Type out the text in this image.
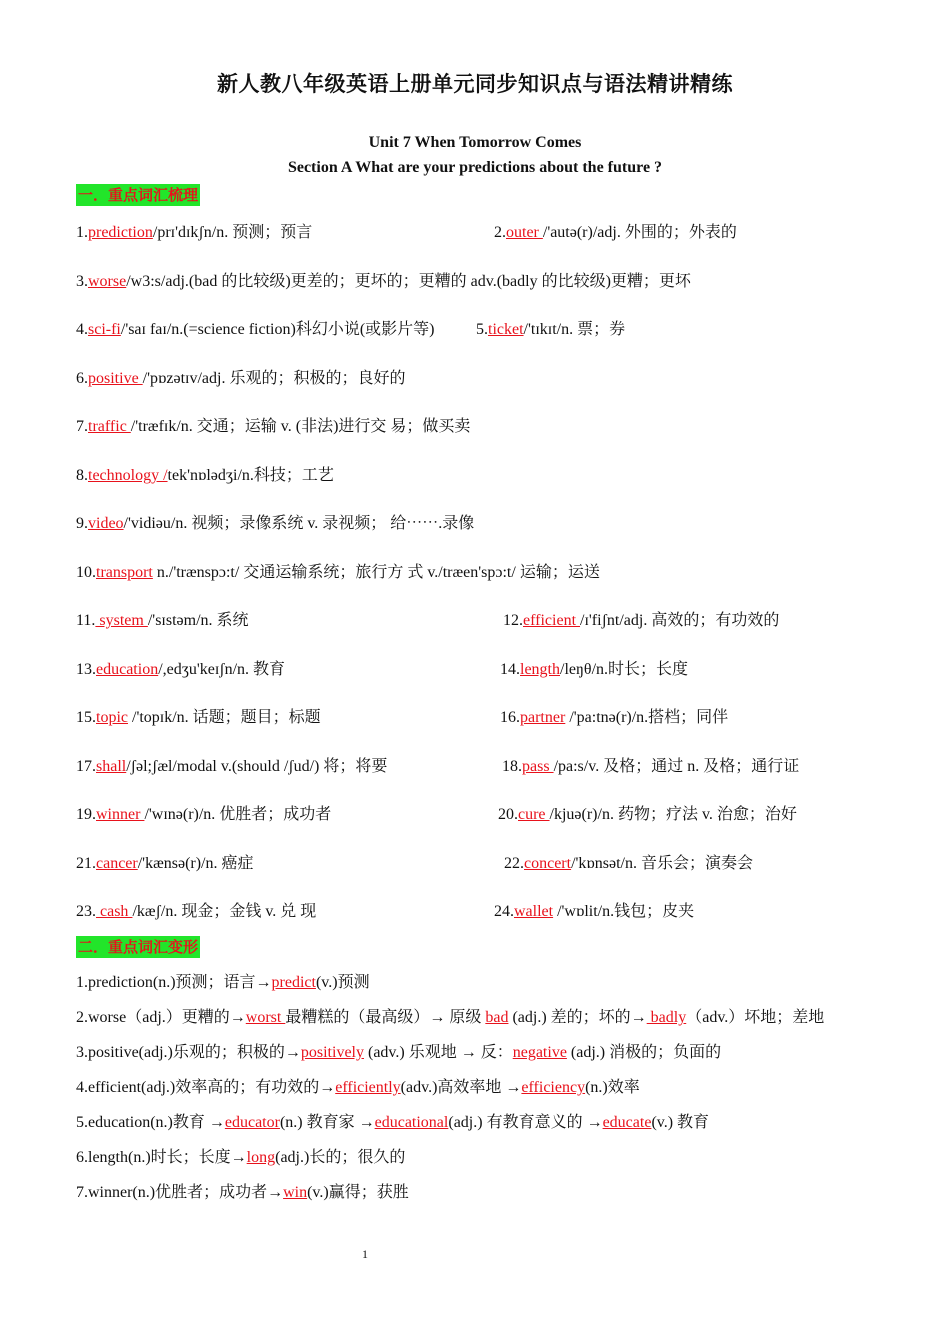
新人教八年级英语上册单元同步知识点与语法精讲精练
Unit 7 When Tomorrow Comes
Section A What are your predictions about the future ?
一．重点词汇梳理
1.prediction/prɪ'dɪkʃn/n. 预测；预言	2.outer /'autə(r)/adj. 外围的；外表的
3.worse/w3:s/adj.(bad 的比较级)更差的；更坏的；更糟的 adv.(badly 的比较级)更糟；更坏
4.sci-fi/'saɪ faɪ/n.(=science fiction)科幻小说(或影片等)	5.ticket/'tɪkɪt/n. 票；券
6.positive /'pɒzətɪv/adj. 乐观的；积极的；良好的
7.traffic /'træfɪk/n. 交通；运输 v. (非法)进行交 易；做买卖
8.technology /tek'nɒlədʒi/n.科技；工艺
9.video/'vidiəu/n. 视频；录像系统 v. 录视频； 给⋯⋯.录像
10.transport n./'trænspɔ:t/ 交通运输系统；旅行方 式 v./træen'spɔ:t/ 运输；运送
11. system /'sɪstəm/n. 系统	12.efficient /ɪ'fiʃnt/adj. 高效的；有功效的
13.education/,edʒu'keɪʃn/n. 教育	14.length/leŋθ/n.时长；长度
15.topic /'topɪk/n. 话题；题目；标题	16.partner /'pa:tnə(r)/n.搭档；同伴
17.shall/ʃəl;ʃæl/modal v.(should /ʃud/) 将；将要	18.pass /pa:s/v. 及格；通过 n. 及格；通行证
19.winner /'wɪnə(r)/n. 优胜者；成功者	20.cure /kjuə(r)/n. 药物；疗法 v. 治愈；治好
21.cancer/'kænsə(r)/n. 癌症	22.concert/'kɒnsət/n. 音乐会；演奏会
23. cash /kæʃ/n. 现金；金钱 v. 兑 现	24.wallet /'wɒlit/n.钱包；皮夹
二．重点词汇变形
1.prediction(n.)预测；语言→predict(v.)预测
2.worse（adj.）更糟的→worst 最糟糕的（最高级）→ 原级 bad (adj.) 差的；坏的→ badly（adv.）坏地；差地
3.positive(adj.)乐观的；积极的→positively (adv.) 乐观地 → 反：negative (adj.) 消极的；负面的
4.efficient(adj.)效率高的；有功效的→efficiently(adv.)高效率地 →efficiency(n.)效率
5.education(n.)教育 →educator(n.) 教育家 →educational(adj.) 有教育意义的 →educate(v.) 教育
6.length(n.)时长；长度→long(adj.)长的；很久的
7.winner(n.)优胜者；成功者→win(v.)赢得；获胜
1
